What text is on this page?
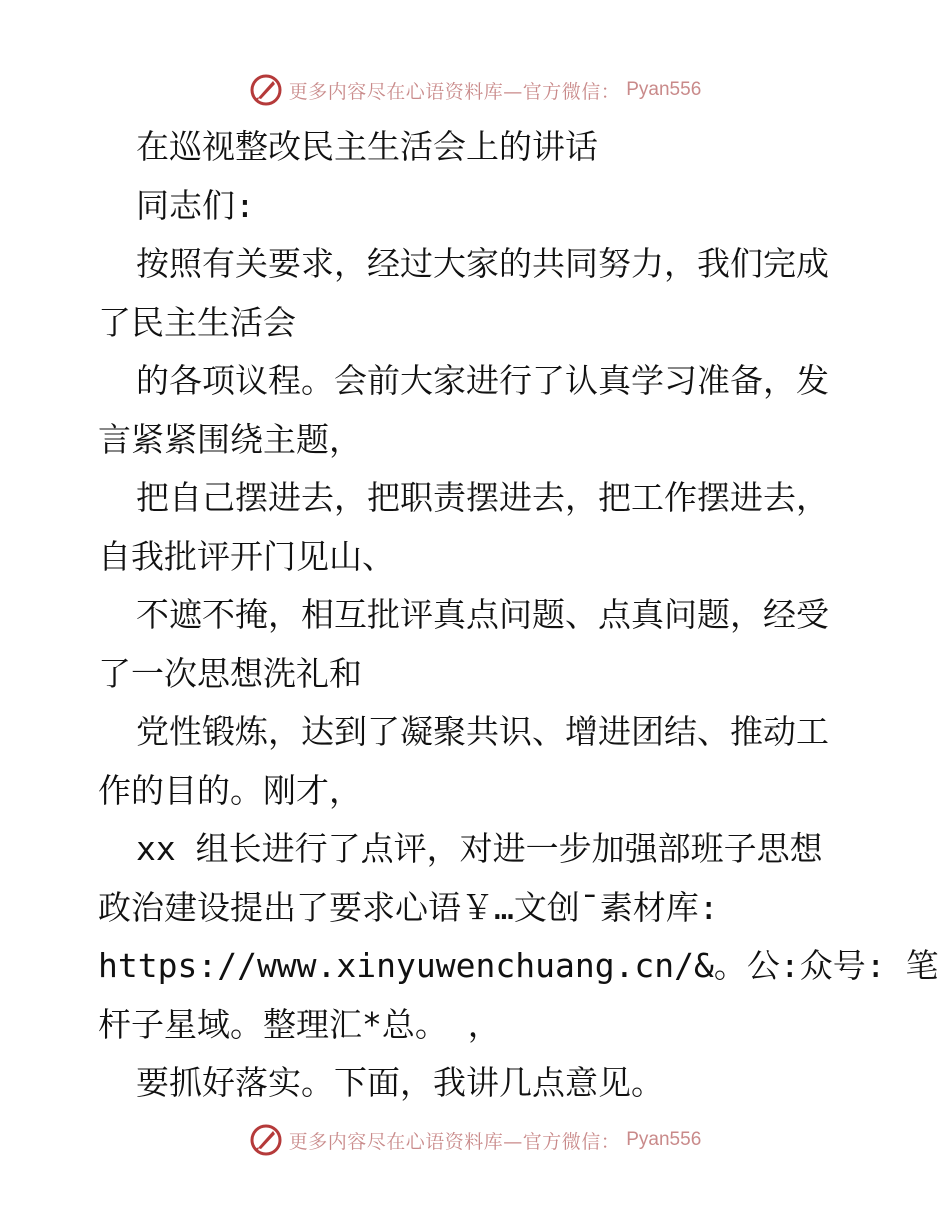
更多内容尽在心语资料库—官方微信： Pyan556
在巡视整改民主生活会上的讲话
同志们:
按照有关要求，经过大家的共同努力，我们完成
了民主生活会
的各项议程。会前大家进行了认真学习准备，发
言紧紧围绕主题，
把自己摆进去，把职责摆进去，把工作摆进去，
自我批评开门见山、
不遮不掩，相互批评真点问题、点真问题，经受
了一次思想洗礼和
党性锻炼，达到了凝聚共识、增进团结、推动工
作的目的。刚才，
xx 组长进行了点评，对进一步加强部班子思想
政治建设提出了要求心语￥…文创¯素材库:
https://www.xinyuwenchuang.cn/&。公:众号: 笔
杆子星域。整理汇*总。 ，
要抓好落实。下面，我讲几点意见。
更多内容尽在心语资料库—官方微信： Pyan556
